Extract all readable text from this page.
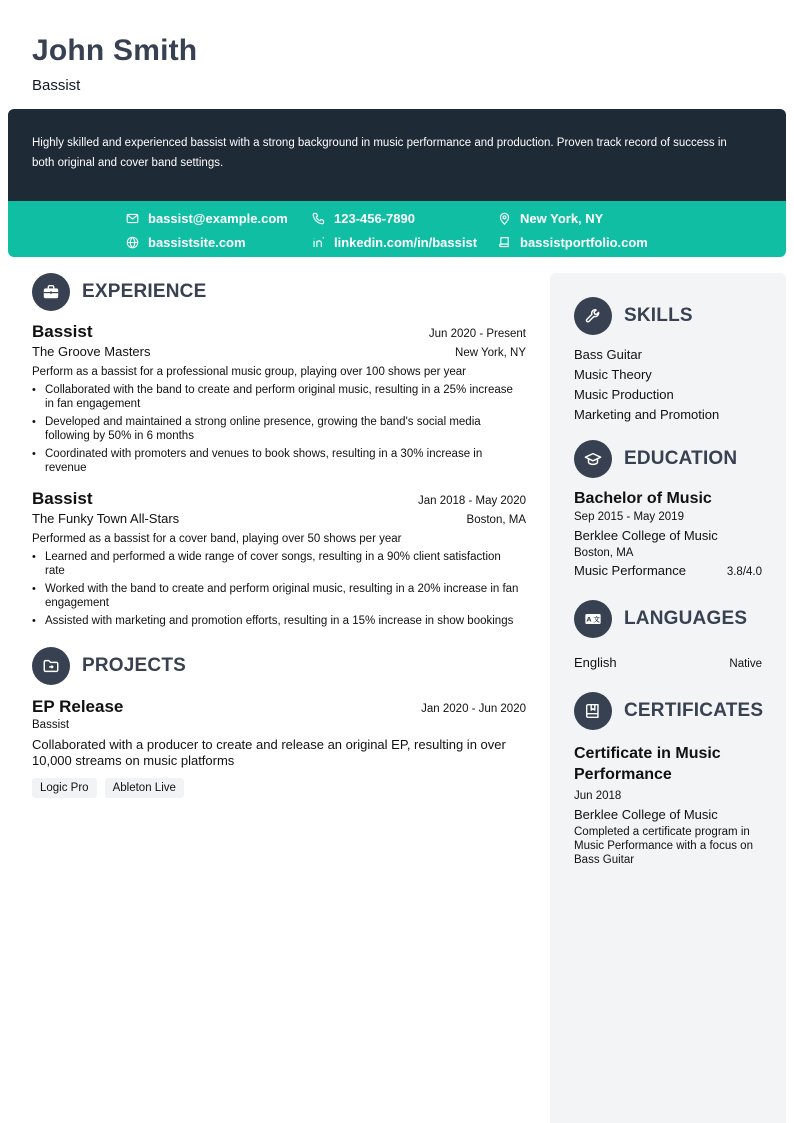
John Smith
Bassist

Highly skilled and experienced bassist with a strong background in music performance and production. Proven track record of success in both original and cover band settings.

bassist@example.com	123-456-7890	New York, NY
bassistsite.com	linkedin.com/in/bassist	bassistportfolio.com
EXPERIENCE
Bassist	Jun 2020 - Present
The Groove Masters	New York, NY
Perform as a bassist for a professional music group, playing over 100 shows per year
• Collaborated with the band to create and perform original music, resulting in a 25% increase in fan engagement
• Developed and maintained a strong online presence, growing the band's social media following by 50% in 6 months
• Coordinated with promoters and venues to book shows, resulting in a 30% increase in revenue
Bassist	Jan 2018 - May 2020
The Funky Town All-Stars	Boston, MA
Performed as a bassist for a cover band, playing over 50 shows per year
• Learned and performed a wide range of cover songs, resulting in a 90% client satisfaction rate
• Worked with the band to create and perform original music, resulting in a 20% increase in fan engagement
• Assisted with marketing and promotion efforts, resulting in a 15% increase in show bookings
PROJECTS
EP Release	Jan 2020 - Jun 2020
Bassist
Collaborated with a producer to create and release an original EP, resulting in over 10,000 streams on music platforms
Logic Pro	Ableton Live
SKILLS
Bass Guitar
Music Theory
Music Production
Marketing and Promotion
EDUCATION
Bachelor of Music
Sep 2015 - May 2019
Berklee College of Music
Boston, MA
Music Performance	3.8/4.0
A 文 LANGUAGES
English	Native
CERTIFICATES
Certificate in Music Performance
Jun 2018
Berklee College of Music
Completed a certificate program in Music Performance with a focus on Bass Guitar
